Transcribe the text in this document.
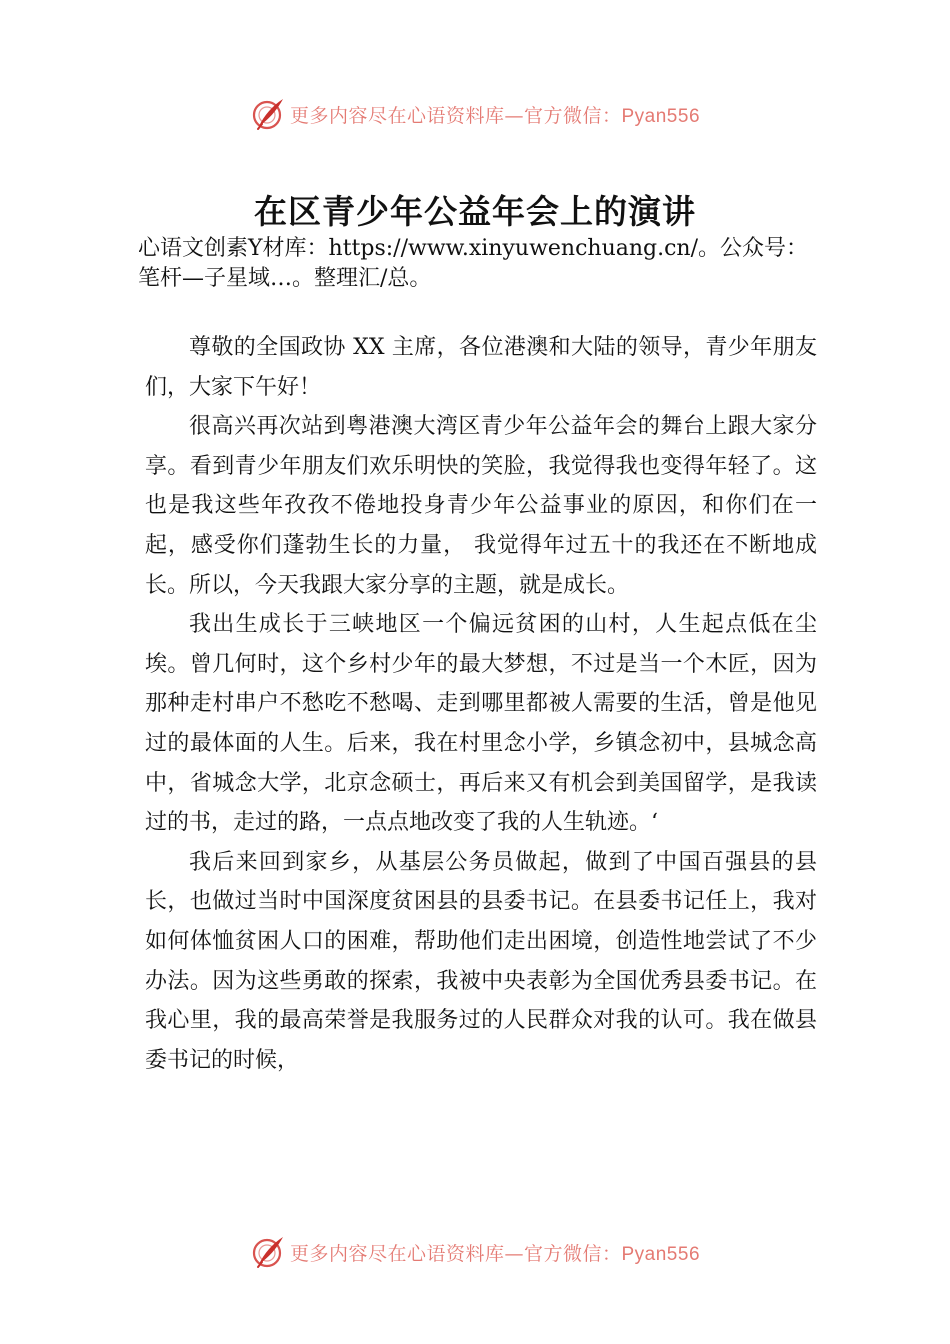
更多内容尽在心语资料库—官方微信：Pyan556
在区青少年公益年会上的演讲
心语文创素Y材库：https://www.xinyuwenchuang.cn/。公众号：笔杆—子星域…。整理汇/总。

尊敬的全国政协 XX 主席，各位港澳和大陆的领导，青少年朋友们，大家下午好！

很高兴再次站到粤港澳大湾区青少年公益年会的舞台上跟大家分享。看到青少年朋友们欢乐明快的笑脸，我觉得我也变得年轻了。这也是我这些年孜孜不倦地投身青少年公益事业的原因，和你们在一起，感受你们蓬勃生长的力量， 我觉得年过五十的我还在不断地成长。所以，今天我跟大家分享的主题，就是成长。

我出生成长于三峡地区一个偏远贫困的山村，人生起点低在尘埃。曾几何时，这个乡村少年的最大梦想，不过是当一个木匠，因为那种走村串户不愁吃不愁喝、走到哪里都被人需要的生活，曾是他见过的最体面的人生。后来，我在村里念小学，乡镇念初中，县城念高中，省城念大学，北京念硕士，再后来又有机会到美国留学，是我读过的书，走过的路，一点点地改变了我的人生轨迹。‘

我后来回到家乡，从基层公务员做起，做到了中国百强县的县长，也做过当时中国深度贫困县的县委书记。在县委书记任上，我对如何体恤贫困人口的困难，帮助他们走出困境，创造性地尝试了不少办法。因为这些勇敢的探索，我被中央表彰为全国优秀县委书记。在我心里，我的最高荣誉是我服务过的人民群众对我的认可。我在做县委书记的时候，

更多内容尽在心语资料库—官方微信：Pyan556
